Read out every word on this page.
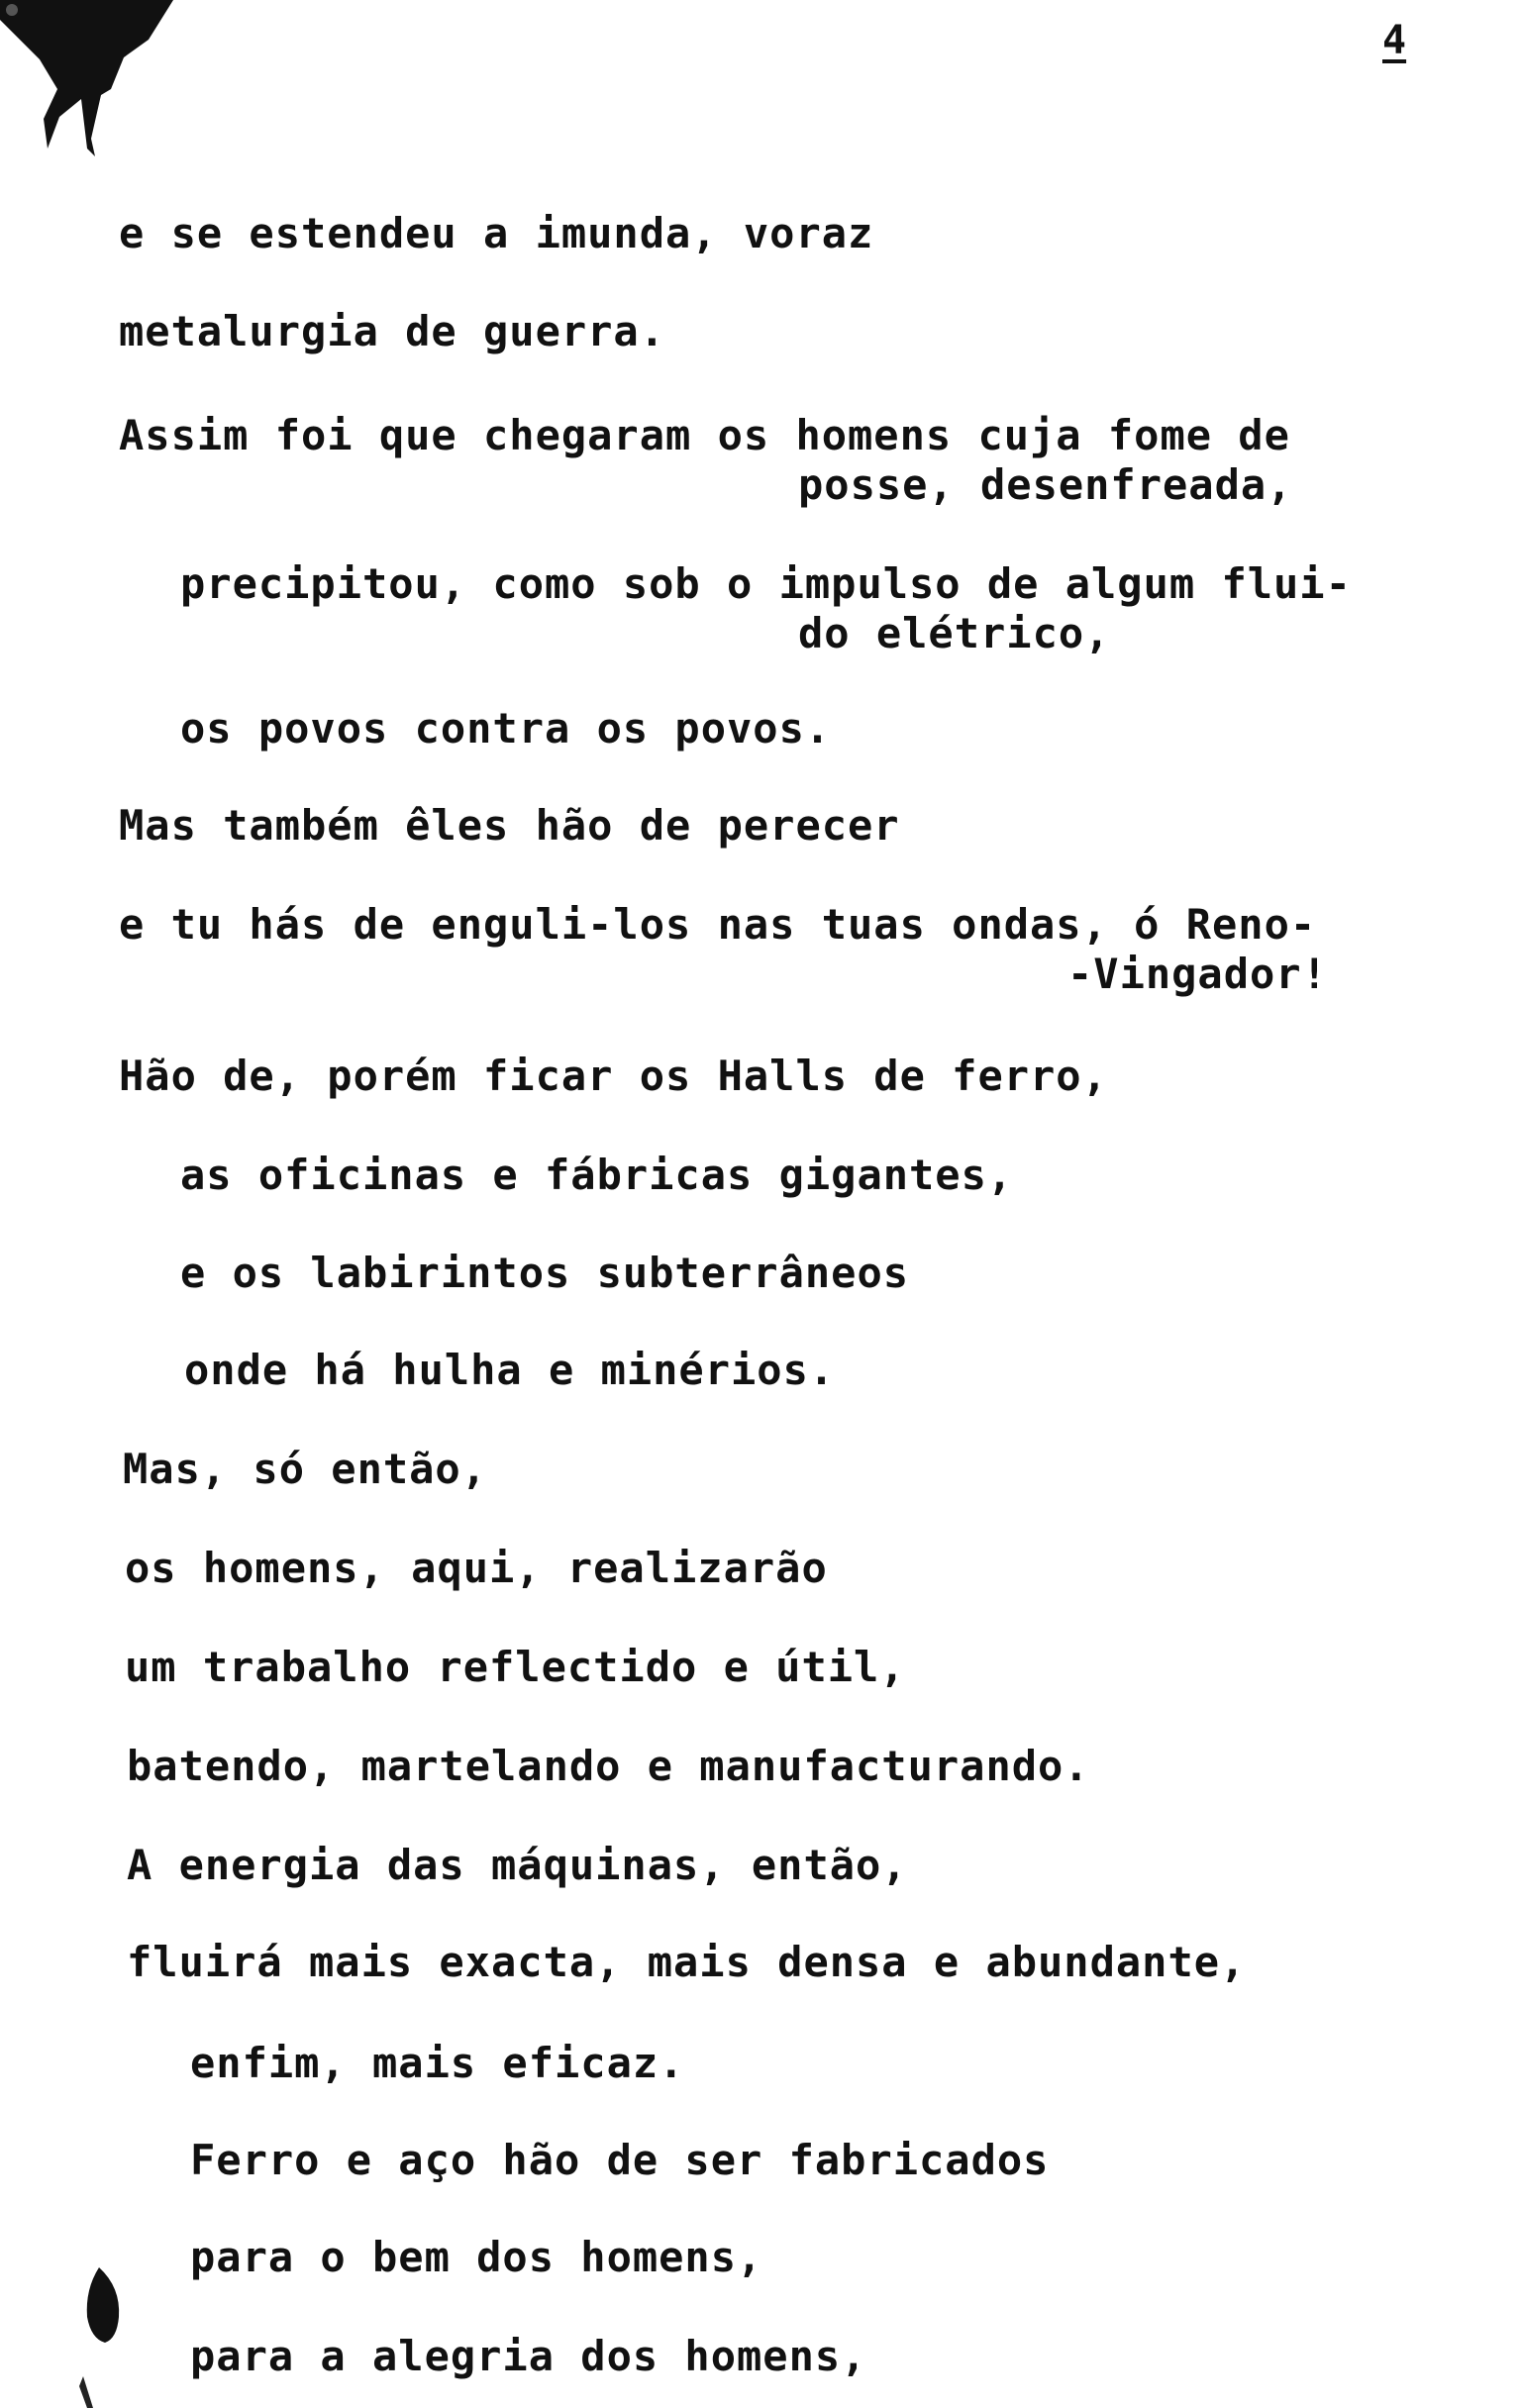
4
e se estendeu a imunda, voraz
metalurgia de guerra.
Assim foi que chegaram os homens cuja fome de
posse, desenfreada,
precipitou, como sob o impulso de algum flui-
do elétrico,
os povos contra os povos.
Mas também êles hão de perecer
e tu hás de enguli-los nas tuas ondas, ó Reno-
-Vingador!
Hão de, porém ficar os Halls de ferro,
as oficinas e fábricas gigantes,
e os labirintos subterrâneos
onde há hulha e minérios.
Mas, só então,
os homens, aqui, realizarão
um trabalho reflectido e útil,
batendo, martelando e manufacturando.
A energia das máquinas, então,
fluirá mais exacta, mais densa e abundante,
enfim, mais eficaz.
Ferro e aço hão de ser fabricados
para o bem dos homens,
para a alegria dos homens,
